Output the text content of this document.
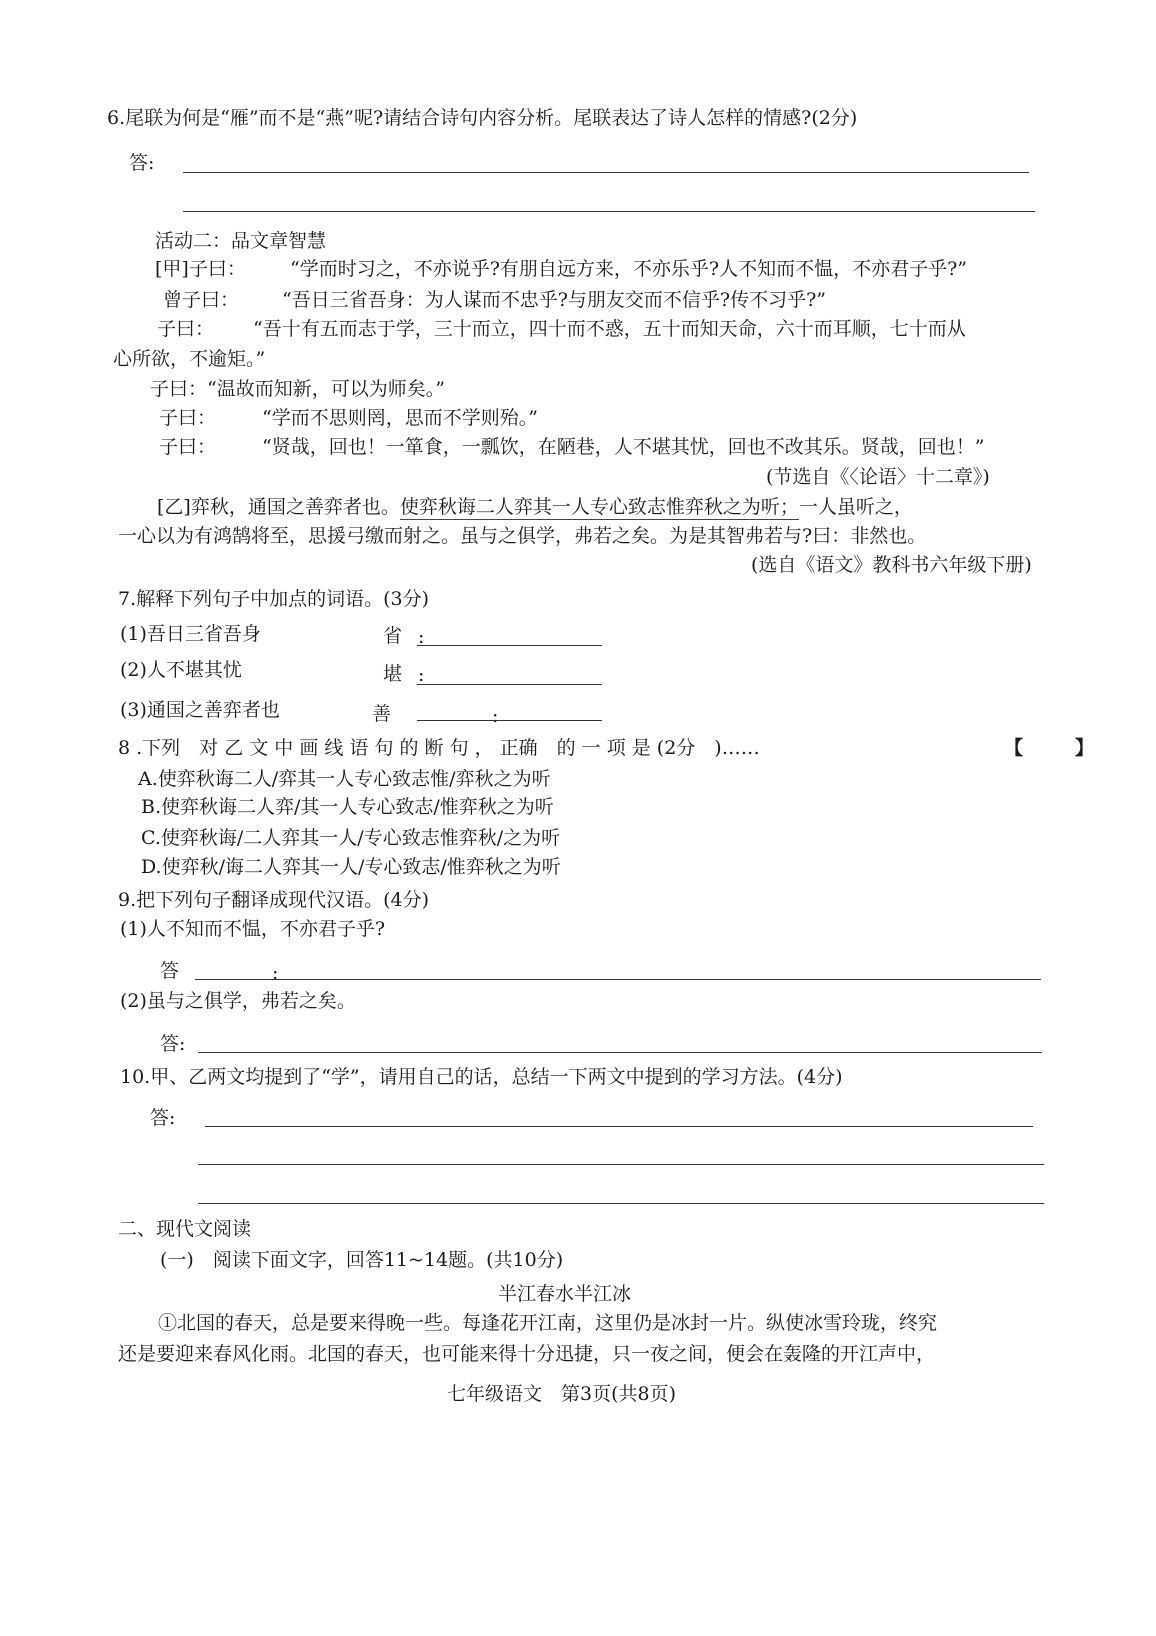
6.尾联为何是“雁”而不是“燕”呢?请结合诗句内容分析。尾联表达了诗人怎样的情感?(2分)
答:
活动二：品文章智慧
[甲]子曰： “学而时习之，不亦说乎?有朋自远方来，不亦乐乎?人不知而不愠，不亦君子乎?”
曾子曰： “吾日三省吾身：为人谋而不忠乎?与朋友交而不信乎?传不习乎?”
子曰： “吾十有五而志于学，三十而立，四十而不惑，五十而知天命，六十而耳顺，七十而从
心所欲，不逾矩。”
子曰：“温故而知新，可以为师矣。”
子曰： “学而不思则罔，思而不学则殆。”
子曰： “贤哉，回也！一箪食，一瓢饮，在陋巷，人不堪其忧，回也不改其乐。贤哉，回也！”
(节选自《〈论语〉十二章》)
[乙]弈秋，通国之善弈者也。使弈秋诲二人弈其一人专心致志惟弈秋之为听；一人虽听之，
一心以为有鸿鹄将至，思援弓缴而射之。虽与之俱学，弗若之矣。为是其智弗若与?曰：非然也。
(选自《语文》教科书六年级下册)
7.解释下列句子中加点的词语。(3分)
(1)吾日三省吾身	省 :
(2)人不堪其忧	堪 :
(3)通国之善弈者也	善	:
8 .下列　对 乙 文 中 画 线 语 句 的 断 句 ， 正确　的 一 项 是 (2分　)……	【	】
A.使弈秋诲二人/弈其一人专心致志惟/弈秋之为听
B.使弈秋诲二人弈/其一人专心致志/惟弈秋之为听
C.使弈秋诲/二人弈其一人/专心致志惟弈秋/之为听
D.使弈秋/诲二人弈其一人/专心致志/惟弈秋之为听
9.把下列句子翻译成现代汉语。(4分)
(1)人不知而不愠，不亦君子乎?
答	:
(2)虽与之俱学，弗若之矣。
答:
10.甲、乙两文均提到了“学”，请用自己的话，总结一下两文中提到的学习方法。(4分)
答:
二、现代文阅读
(一)　阅读下面文字，回答11~14题。(共10分)
半江春水半江冰
①北国的春天，总是要来得晚一些。每逢花开江南，这里仍是冰封一片。纵使冰雪玲珑，终究
还是要迎来春风化雨。北国的春天，也可能来得十分迅捷，只一夜之间，便会在轰隆的开江声中，
七年级语文　第3页(共8页)
